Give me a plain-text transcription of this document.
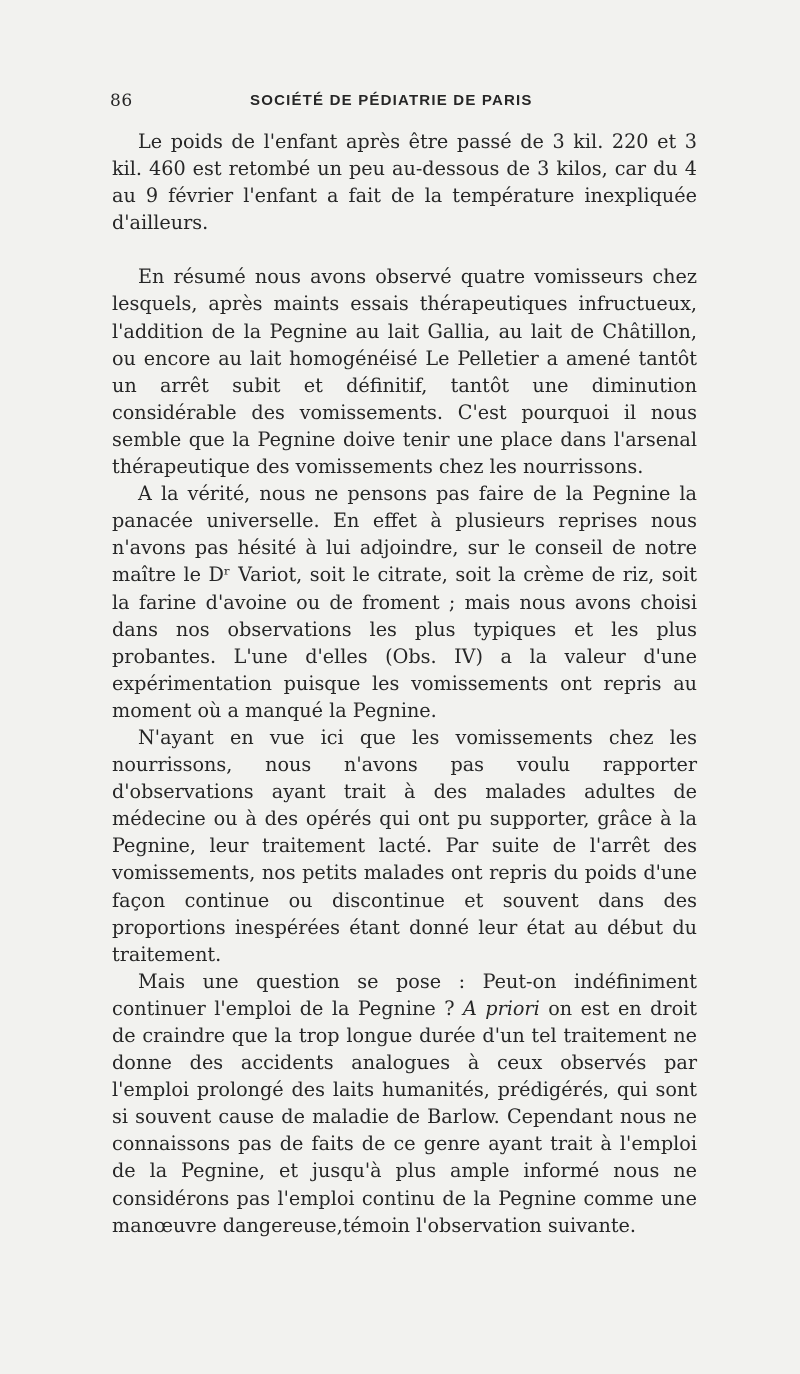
86	SOCIÉTÉ DE PÉDIATRIE DE PARIS

Le poids de l'enfant après être passé de 3 kil. 220 et 3 kil. 460 est retombé un peu au-dessous de 3 kilos, car du 4 au 9 février l'enfant a fait de la température inexpliquée d'ailleurs.

En résumé nous avons observé quatre vomisseurs chez lesquels, après maints essais thérapeutiques infructueux, l'addition de la Pegnine au lait Gallia, au lait de Châtillon, ou encore au lait homogénéisé Le Pelletier a amené tantôt un arrêt subit et définitif, tantôt une diminution considérable des vomissements. C'est pourquoi il nous semble que la Pegnine doive tenir une place dans l'arsenal thérapeutique des vomissements chez les nourrissons.

A la vérité, nous ne pensons pas faire de la Pegnine la panacée universelle. En effet à plusieurs reprises nous n'avons pas hésité à lui adjoindre, sur le conseil de notre maître le Dʳ Variot, soit le citrate, soit la crème de riz, soit la farine d'avoine ou de froment ; mais nous avons choisi dans nos observations les plus typiques et les plus probantes. L'une d'elles (Obs. IV) a la valeur d'une expérimentation puisque les vomissements ont repris au moment où a manqué la Pegnine.

N'ayant en vue ici que les vomissements chez les nourrissons, nous n'avons pas voulu rapporter d'observations ayant trait à des malades adultes de médecine ou à des opérés qui ont pu supporter, grâce à la Pegnine, leur traitement lacté. Par suite de l'arrêt des vomissements, nos petits malades ont repris du poids d'une façon continue ou discontinue et souvent dans des proportions inespérées étant donné leur état au début du traitement.

Mais une question se pose : Peut-on indéfiniment continuer l'emploi de la Pegnine ? A priori on est en droit de craindre que la trop longue durée d'un tel traitement ne donne des accidents analogues à ceux observés par l'emploi prolongé des laits humanités, prédigérés, qui sont si souvent cause de maladie de Barlow. Cependant nous ne connaissons pas de faits de ce genre ayant trait à l'emploi de la Pegnine, et jusqu'à plus ample informé nous ne considérons pas l'emploi continu de la Pegnine comme une manœuvre dangereuse,témoin l'observation suivante.
